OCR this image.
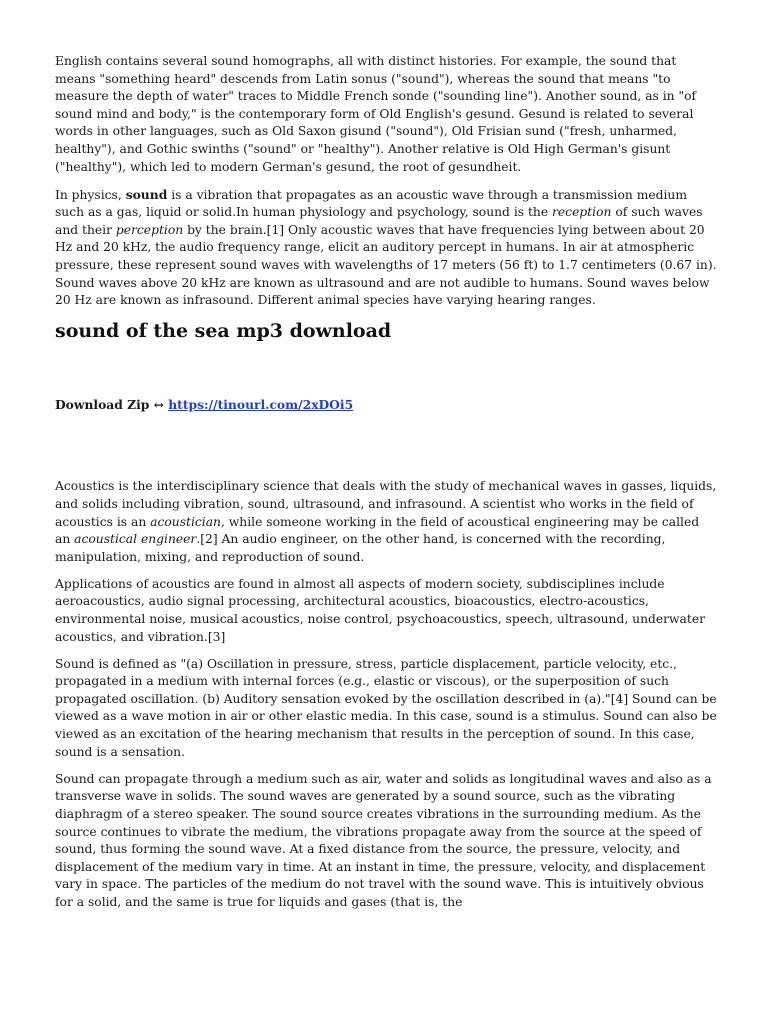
English contains several sound homographs, all with distinct histories. For example, the sound that means "something heard" descends from Latin sonus ("sound"), whereas the sound that means "to measure the depth of water" traces to Middle French sonde ("sounding line"). Another sound, as in "of sound mind and body," is the contemporary form of Old English's gesund. Gesund is related to several words in other languages, such as Old Saxon gisund ("sound"), Old Frisian sund ("fresh, unharmed, healthy"), and Gothic swinths ("sound" or "healthy"). Another relative is Old High German's gisunt ("healthy"), which led to modern German's gesund, the root of gesundheit.

In physics, sound is a vibration that propagates as an acoustic wave through a transmission medium such as a gas, liquid or solid.In human physiology and psychology, sound is the reception of such waves and their perception by the brain.[1] Only acoustic waves that have frequencies lying between about 20 Hz and 20 kHz, the audio frequency range, elicit an auditory percept in humans. In air at atmospheric pressure, these represent sound waves with wavelengths of 17 meters (56 ft) to 1.7 centimeters (0.67 in). Sound waves above 20 kHz are known as ultrasound and are not audible to humans. Sound waves below 20 Hz are known as infrasound. Different animal species have varying hearing ranges.

sound of the sea mp3 download
Download Zip ↔ https://tinourl.com/2xDOi5

Acoustics is the interdisciplinary science that deals with the study of mechanical waves in gasses, liquids, and solids including vibration, sound, ultrasound, and infrasound. A scientist who works in the field of acoustics is an acoustician, while someone working in the field of acoustical engineering may be called an acoustical engineer.[2] An audio engineer, on the other hand, is concerned with the recording, manipulation, mixing, and reproduction of sound.

Applications of acoustics are found in almost all aspects of modern society, subdisciplines include aeroacoustics, audio signal processing, architectural acoustics, bioacoustics, electro-acoustics, environmental noise, musical acoustics, noise control, psychoacoustics, speech, ultrasound, underwater acoustics, and vibration.[3]

Sound is defined as "(a) Oscillation in pressure, stress, particle displacement, particle velocity, etc., propagated in a medium with internal forces (e.g., elastic or viscous), or the superposition of such propagated oscillation. (b) Auditory sensation evoked by the oscillation described in (a)."[4] Sound can be viewed as a wave motion in air or other elastic media. In this case, sound is a stimulus. Sound can also be viewed as an excitation of the hearing mechanism that results in the perception of sound. In this case, sound is a sensation.

Sound can propagate through a medium such as air, water and solids as longitudinal waves and also as a transverse wave in solids. The sound waves are generated by a sound source, such as the vibrating diaphragm of a stereo speaker. The sound source creates vibrations in the surrounding medium. As the source continues to vibrate the medium, the vibrations propagate away from the source at the speed of sound, thus forming the sound wave. At a fixed distance from the source, the pressure, velocity, and displacement of the medium vary in time. At an instant in time, the pressure, velocity, and displacement vary in space. The particles of the medium do not travel with the sound wave. This is intuitively obvious for a solid, and the same is true for liquids and gases (that is, the
